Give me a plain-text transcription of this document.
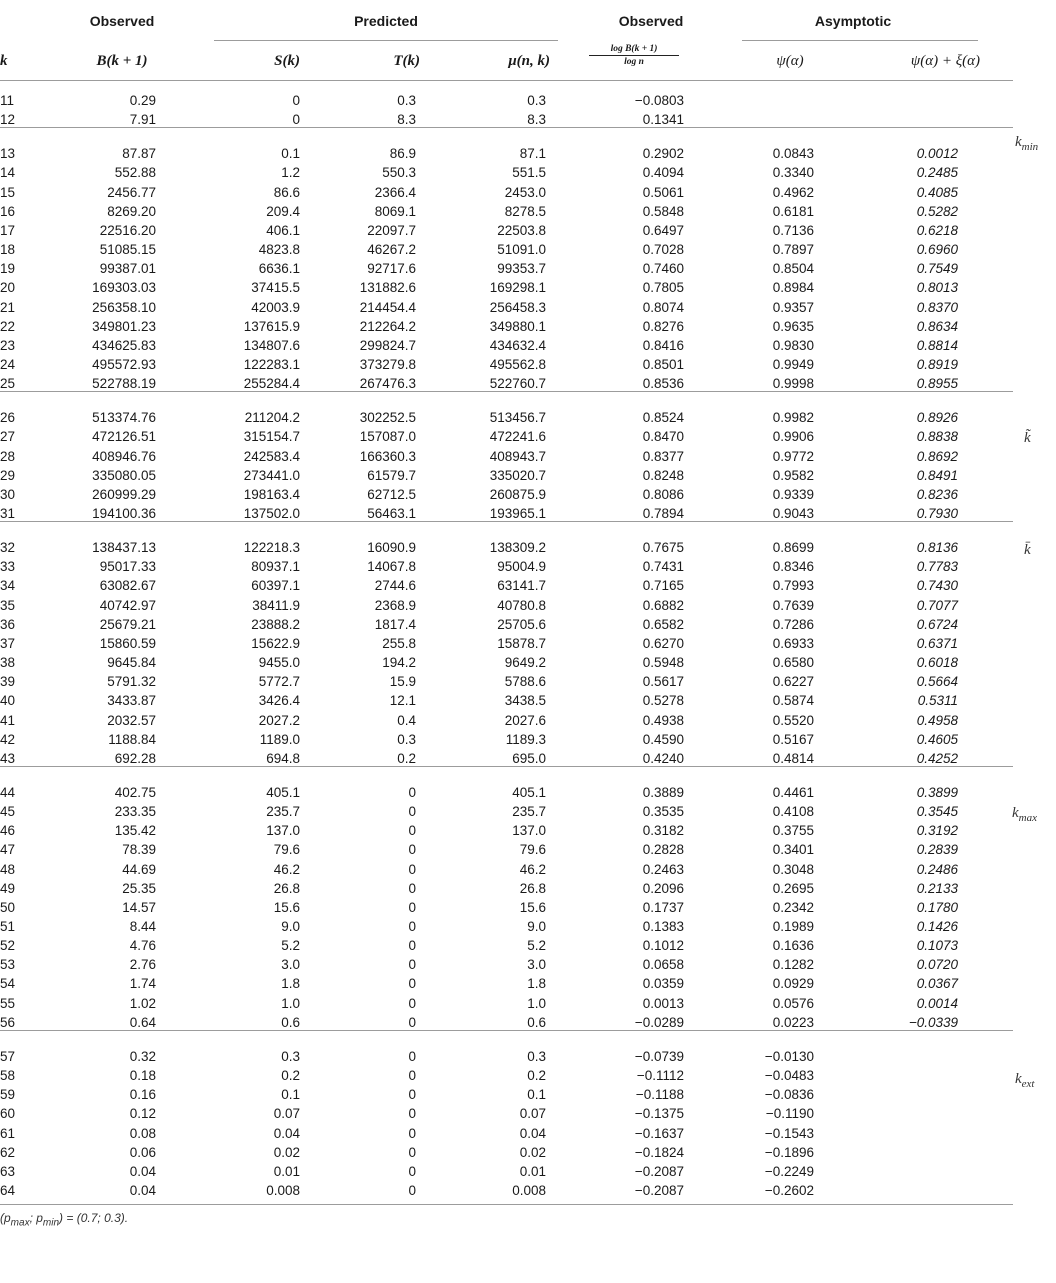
Observed	Predicted	Observed	Asymptotic
k	B(k + 1)	S(k)	T(k)	μ(n, k)	$\frac{\text{log B(k + 1)}}{\text{log n}}$	ψ(α)	ψ(α) + ξ(α)
11	0.29	0	0.3	0.3	−0.0803
12	7.91	0	8.3	8.3	0.1341
13	87.87	0.1	86.9	87.1	0.2902	0.0843	0.0012
14	552.88	1.2	550.3	551.5	0.4094	0.3340	0.2485
15	2456.77	86.6	2366.4	2453.0	0.5061	0.4962	0.4085
16	8269.20	209.4	8069.1	8278.5	0.5848	0.6181	0.5282
17	22516.20	406.1	22097.7	22503.8	0.6497	0.7136	0.6218
18	51085.15	4823.8	46267.2	51091.0	0.7028	0.7897	0.6960
19	99387.01	6636.1	92717.6	99353.7	0.7460	0.8504	0.7549
20	169303.03	37415.5	131882.6	169298.1	0.7805	0.8984	0.8013
21	256358.10	42003.9	214454.4	256458.3	0.8074	0.9357	0.8370
22	349801.23	137615.9	212264.2	349880.1	0.8276	0.9635	0.8634
23	434625.83	134807.6	299824.7	434632.4	0.8416	0.9830	0.8814
24	495572.93	122283.1	373279.8	495562.8	0.8501	0.9949	0.8919
25	522788.19	255284.4	267476.3	522760.7	0.8536	0.9998	0.8955
26	513374.76	211204.2	302252.5	513456.7	0.8524	0.9982	0.8926
27	472126.51	315154.7	157087.0	472241.6	0.8470	0.9906	0.8838
28	408946.76	242583.4	166360.3	408943.7	0.8377	0.9772	0.8692
29	335080.05	273441.0	61579.7	335020.7	0.8248	0.9582	0.8491
30	260999.29	198163.4	62712.5	260875.9	0.8086	0.9339	0.8236
31	194100.36	137502.0	56463.1	193965.1	0.7894	0.9043	0.7930
32	138437.13	122218.3	16090.9	138309.2	0.7675	0.8699	0.8136
33	95017.33	80937.1	14067.8	95004.9	0.7431	0.8346	0.7783
34	63082.67	60397.1	2744.6	63141.7	0.7165	0.7993	0.7430
35	40742.97	38411.9	2368.9	40780.8	0.6882	0.7639	0.7077
36	25679.21	23888.2	1817.4	25705.6	0.6582	0.7286	0.6724
37	15860.59	15622.9	255.8	15878.7	0.6270	0.6933	0.6371
38	9645.84	9455.0	194.2	9649.2	0.5948	0.6580	0.6018
39	5791.32	5772.7	15.9	5788.6	0.5617	0.6227	0.5664
40	3433.87	3426.4	12.1	3438.5	0.5278	0.5874	0.5311
41	2032.57	2027.2	0.4	2027.6	0.4938	0.5520	0.4958
42	1188.84	1189.0	0.3	1189.3	0.4590	0.5167	0.4605
43	692.28	694.8	0.2	695.0	0.4240	0.4814	0.4252
44	402.75	405.1	0	405.1	0.3889	0.4461	0.3899
45	233.35	235.7	0	235.7	0.3535	0.4108	0.3545
46	135.42	137.0	0	137.0	0.3182	0.3755	0.3192
47	78.39	79.6	0	79.6	0.2828	0.3401	0.2839
48	44.69	46.2	0	46.2	0.2463	0.3048	0.2486
49	25.35	26.8	0	26.8	0.2096	0.2695	0.2133
50	14.57	15.6	0	15.6	0.1737	0.2342	0.1780
51	8.44	9.0	0	9.0	0.1383	0.1989	0.1426
52	4.76	5.2	0	5.2	0.1012	0.1636	0.1073
53	2.76	3.0	0	3.0	0.0658	0.1282	0.0720
54	1.74	1.8	0	1.8	0.0359	0.0929	0.0367
55	1.02	1.0	0	1.0	0.0013	0.0576	0.0014
56	0.64	0.6	0	0.6	−0.0289	0.0223	−0.0339
57	0.32	0.3	0	0.3	−0.0739	−0.0130
58	0.18	0.2	0	0.2	−0.1112	−0.0483
59	0.16	0.1	0	0.1	−0.1188	−0.0836
60	0.12	0.07	0	0.07	−0.1375	−0.1190
61	0.08	0.04	0	0.04	−0.1637	−0.1543
62	0.06	0.02	0	0.02	−0.1824	−0.1896
63	0.04	0.01	0	0.01	−0.2087	−0.2249
64	0.04	0.008	0	0.008	−0.2087	−0.2602
$k_{min}$
k̃
k̄
$k_{max}$
$k_{ext}$
($p_{max}$; $p_{min}) = (0.7$; 0.3).
